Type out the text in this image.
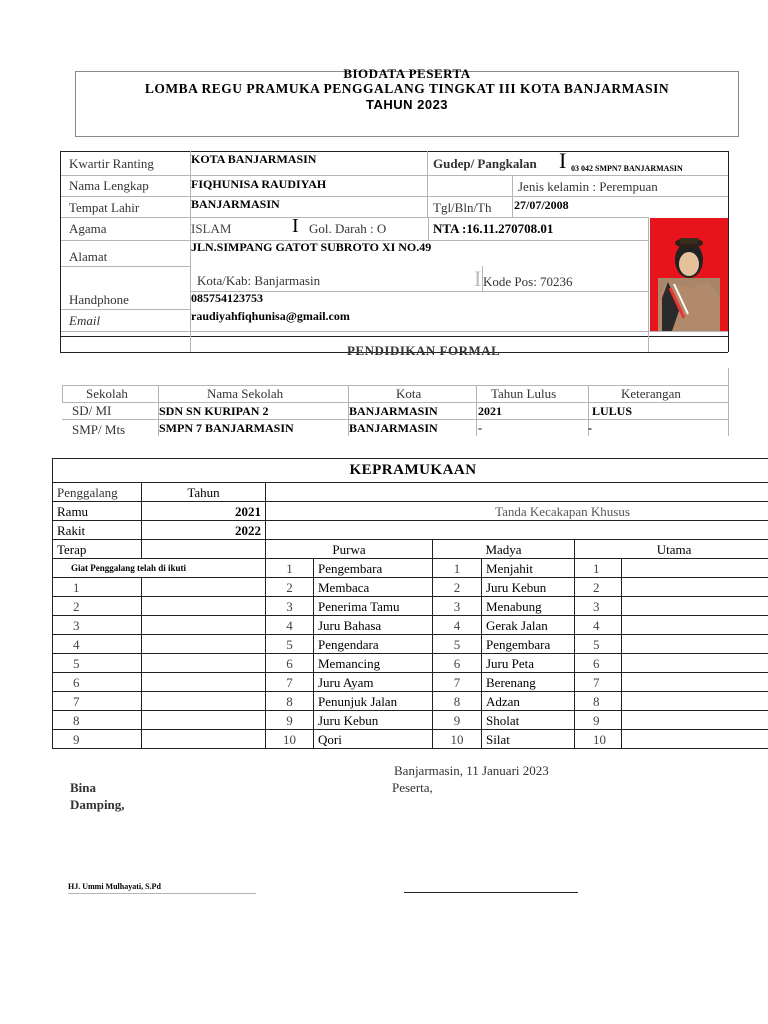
BIODATA PESERTA
LOMBA REGU PRAMUKA PENGGALANG TINGKAT III KOTA BANJARMASIN
TAHUN 2023
Kwartir Ranting	KOTA BANJARMASIN	Gudep/ Pangkalan I 03 042 SMPN7 BANJARMASIN
Nama Lengkap	FIQHUNISA RAUDIYAH	Jenis kelamin : Perempuan
Tempat Lahir	BANJARMASIN	Tgl/Bln/Th 27/07/2008
Agama	ISLAM	I Gol. Darah : O	NTA :16.11.270708.01
Alamat
JLN.SIMPANG GATOT SUBROTO XI NO.49
Kota/Kab: Banjarmasin	I Kode Pos: 70236
Handphone	085754123753
Email	raudiyahfiqhunisa@gmail.com
PENDIDIKAN FORMAL
Sekolah	Nama Sekolah	Kota	Tahun Lulus	Keterangan
SD/ MI	SDN SN KURIPAN 2	BANJARMASIN	2021	LULUS
SMP/ Mts	SMPN 7 BANJARMASIN	BANJARMASIN	-	-
KEPRAMUKAAN							
Penggalang	Tahun						
Ramu	2021	Tanda Kecakapan Khusus					
Rakit	2022						
Terap		Purwa		Madya		Utama	
Giat Penggalang telah di ikuti		1	Pengembara	1	Menjahit	1	
1		2	Membaca	2	Juru Kebun	2	
2		3	Penerima Tamu	3	Menabung	3	
3		4	Juru Bahasa	4	Gerak Jalan	4	
4		5	Pengendara	5	Pengembara	5	
5		6	Memancing	6	Juru Peta	6	
6		7	Juru Ayam	7	Berenang	7	
7		8	Penunjuk Jalan	8	Adzan	8	
8		9	Juru Kebun	9	Sholat	9	
9		10	Qori	10	Silat	10	
Banjarmasin, 11 Januari 2023
Peserta,
Bina
Damping,
HJ. Ummi Mulhayati, S.Pd
